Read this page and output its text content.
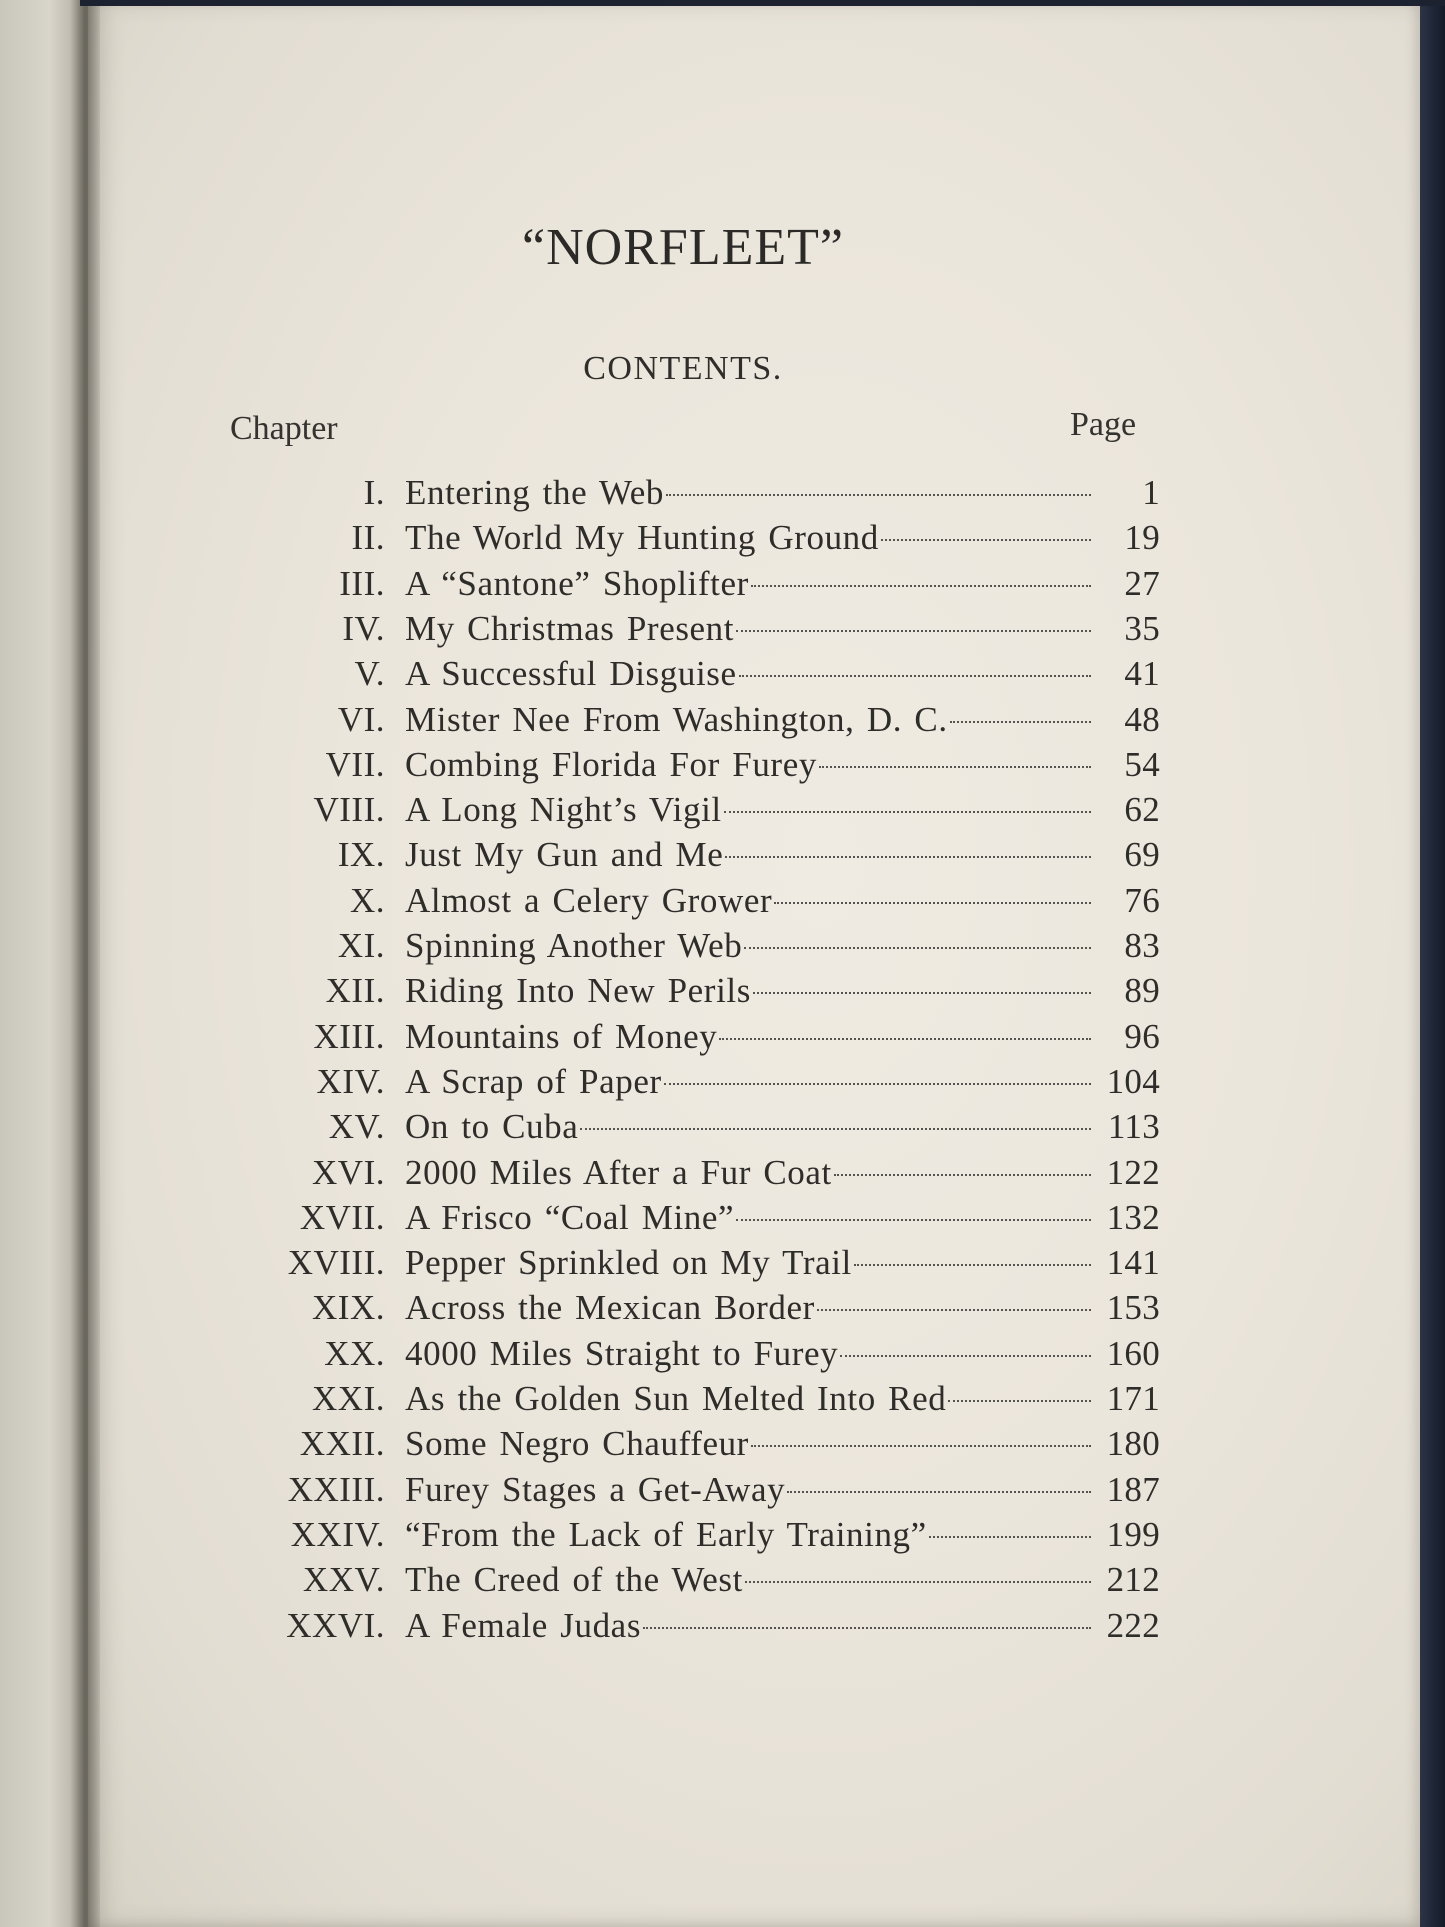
“NORFLEET”
CONTENTS.
Chapter	Page
I. Entering the Web	1
II. The World My Hunting Ground	19
III. A “Santone” Shoplifter	27
IV. My Christmas Present	35
V. A Successful Disguise	41
VI. Mister Nee From Washington, D. C.	48
VII. Combing Florida For Furey	54
VIII. A Long Night’s Vigil	62
IX. Just My Gun and Me	69
X. Almost a Celery Grower	76
XI. Spinning Another Web	83
XII. Riding Into New Perils	89
XIII. Mountains of Money	96
XIV. A Scrap of Paper	104
XV. On to Cuba	113
XVI. 2000 Miles After a Fur Coat	122
XVII. A Frisco “Coal Mine”	132
XVIII. Pepper Sprinkled on My Trail	141
XIX. Across the Mexican Border	153
XX. 4000 Miles Straight to Furey	160
XXI. As the Golden Sun Melted Into Red	171
XXII. Some Negro Chauffeur	180
XXIII. Furey Stages a Get-Away	187
XXIV. “From the Lack of Early Training”	199
XXV. The Creed of the West	212
XXVI. A Female Judas	222
